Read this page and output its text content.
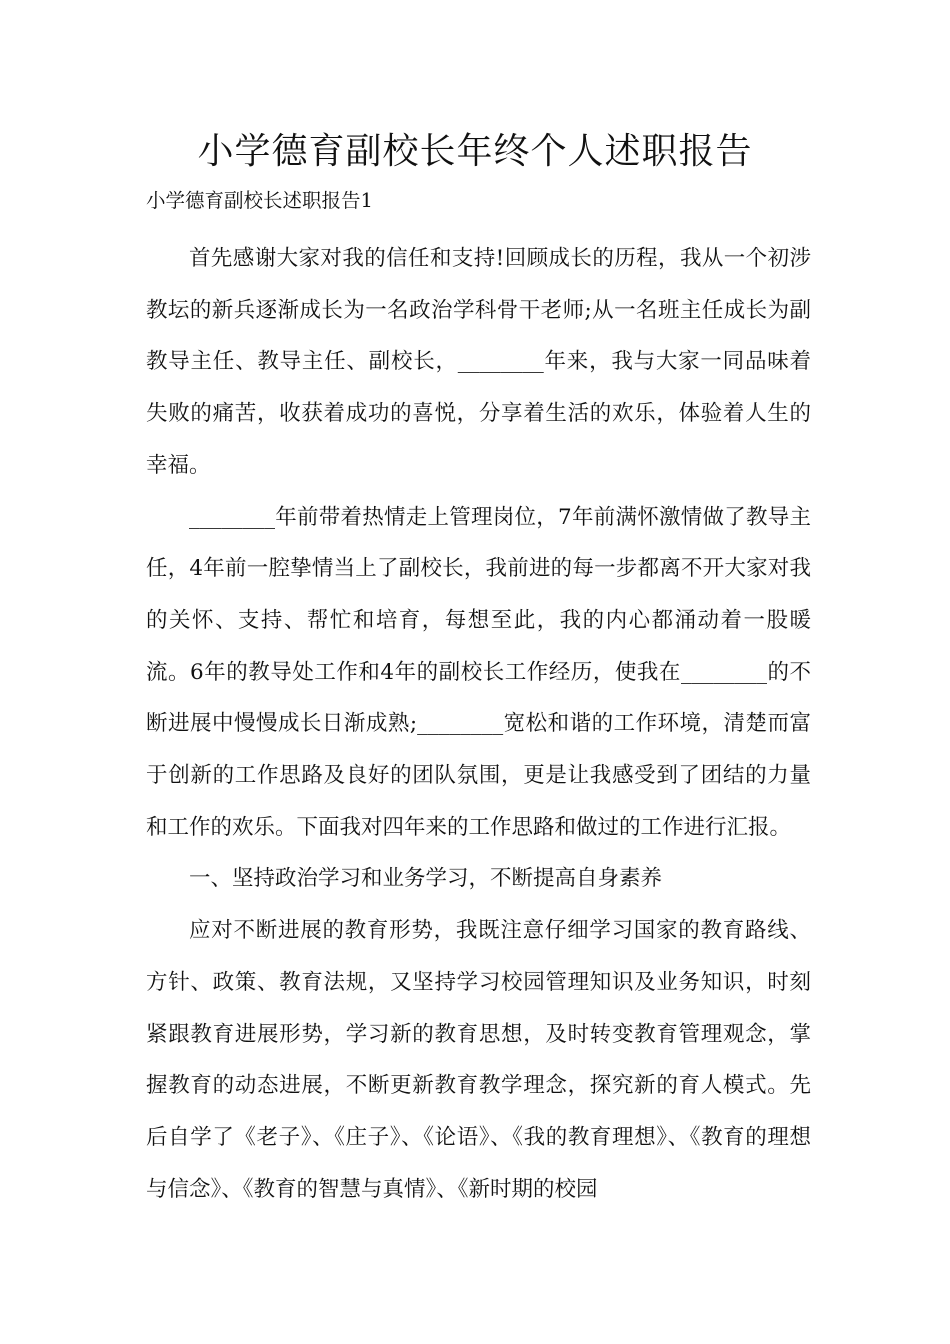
小学德育副校长年终个人述职报告

小学德育副校长述职报告1

首先感谢大家对我的信任和支持!回顾成长的历程，我从一个初涉教坛的新兵逐渐成长为一名政治学科骨干老师;从一名班主任成长为副教导主任、教导主任、副校长，________年来，我与大家一同品味着失败的痛苦，收获着成功的喜悦，分享着生活的欢乐，体验着人生的幸福。

________年前带着热情走上管理岗位，7年前满怀激情做了教导主任，4年前一腔挚情当上了副校长，我前进的每一步都离不开大家对我的关怀、支持、帮忙和培育，每想至此，我的内心都涌动着一股暖流。6年的教导处工作和4年的副校长工作经历，使我在________的不断进展中慢慢成长日渐成熟;________宽松和谐的工作环境，清楚而富于创新的工作思路及良好的团队氛围，更是让我感受到了团结的力量和工作的欢乐。下面我对四年来的工作思路和做过的工作进行汇报。

一、坚持政治学习和业务学习，不断提高自身素养

应对不断进展的教育形势，我既注意仔细学习国家的教育路线、方针、政策、教育法规，又坚持学习校园管理知识及业务知识，时刻紧跟教育进展形势，学习新的教育思想，及时转变教育管理观念，掌握教育的动态进展，不断更新教育教学理念，探究新的育人模式。先后自学了《老子》、《庄子》、《论语》、《我的教育理想》、《教育的理想与信念》、《教育的智慧与真情》、《新时期的校园
